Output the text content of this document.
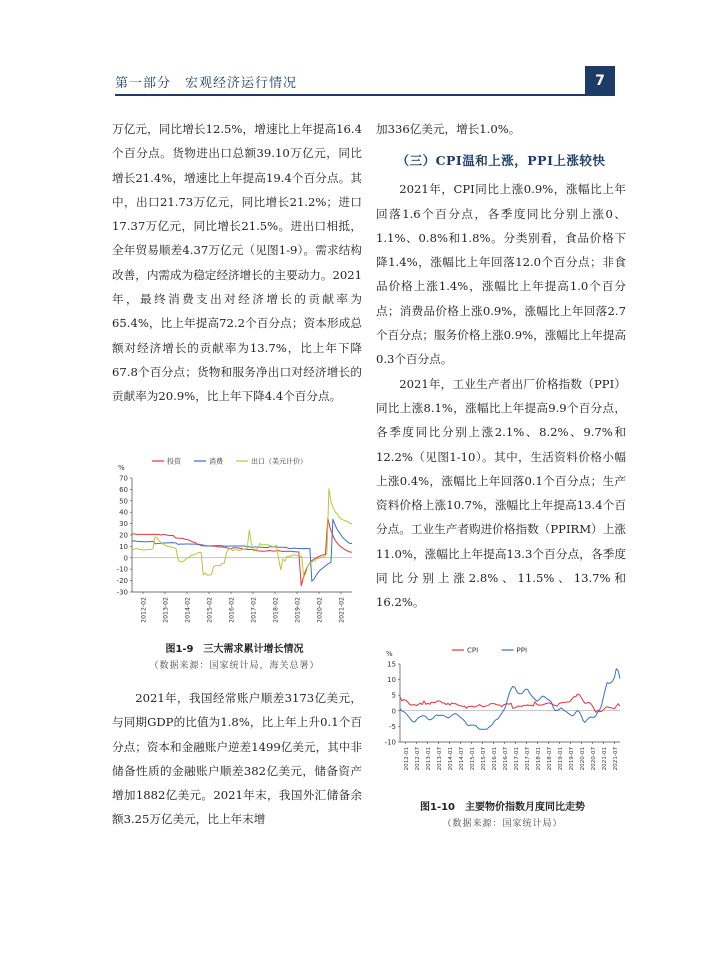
第一部分　宏观经济运行情况	7

万亿元，同比增长12.5%，增速比上年提高16.4个百分点。货物进出口总额39.10万亿元，同比增长21.4%，增速比上年提高19.4个百分点。其中，出口21.73万亿元，同比增长21.2%；进口17.37万亿元，同比增长21.5%。进出口相抵，全年贸易顺差4.37万亿元（见图1-9）。需求结构改善，内需成为稳定经济增长的主要动力。2021年，最终消费支出对经济增长的贡献率为65.4%，比上年提高72.2个百分点；资本形成总额对经济增长的贡献率为13.7%，比上年下降67.8个百分点；货物和服务净出口对经济增长的贡献率为20.9%，比上年下降4.4个百分点。

%
投资	消费	出口（美元计价）
-30
-20
-10
0
10
20
30
40
50
60
70
2012-02 2013-02 2014-02 2015-02 2016-02 2017-02 2018-02 2019-02 2020-02 2021-02
图1-9　三大需求累计增长情况
（数据来源：国家统计局，海关总署）

2021年，我国经常账户顺差3173亿美元，与同期GDP的比值为1.8%，比上年上升0.1个百分点；资本和金融账户逆差1499亿美元，其中非储备性质的金融账户顺差382亿美元，储备资产增加1882亿美元。2021年末，我国外汇储备余额3.25万亿美元，比上年末增

加336亿美元，增长1.0%。

（三）CPI温和上涨，PPI上涨较快

2021年，CPI同比上涨0.9%，涨幅比上年回落1.6个百分点，各季度同比分别上涨0、1.1%、0.8%和1.8%。分类别看，食品价格下降1.4%，涨幅比上年回落12.0个百分点；非食品价格上涨1.4%，涨幅比上年提高1.0个百分点；消费品价格上涨0.9%，涨幅比上年回落2.7个百分点；服务价格上涨0.9%，涨幅比上年提高0.3个百分点。

2021年，工业生产者出厂价格指数（PPI）同比上涨8.1%，涨幅比上年提高9.9个百分点，各季度同比分别上涨2.1%、8.2%、9.7%和12.2%（见图1-10）。其中，生活资料价格小幅上涨0.4%，涨幅比上年回落0.1个百分点；生产资料价格上涨10.7%，涨幅比上年提高13.4个百分点。工业生产者购进价格指数（PPIRM）上涨11.0%，涨幅比上年提高13.3个百分点，各季度同比分别上涨2.8%、11.5%、13.7%和16.2%。

%	CPI	PPI
-10
-5
0
5
10
15
2012-01 2012-07 2013-01 2013-07 2014-01 2014-07 2015-01 2015-07 2016-01 2016-07 2017-01 2017-07 2018-01 2018-07 2019-01 2019-07 2020-01 2020-07 2021-01 2021-07
图1-10　主要物价指数月度同比走势
（数据来源：国家统计局）
